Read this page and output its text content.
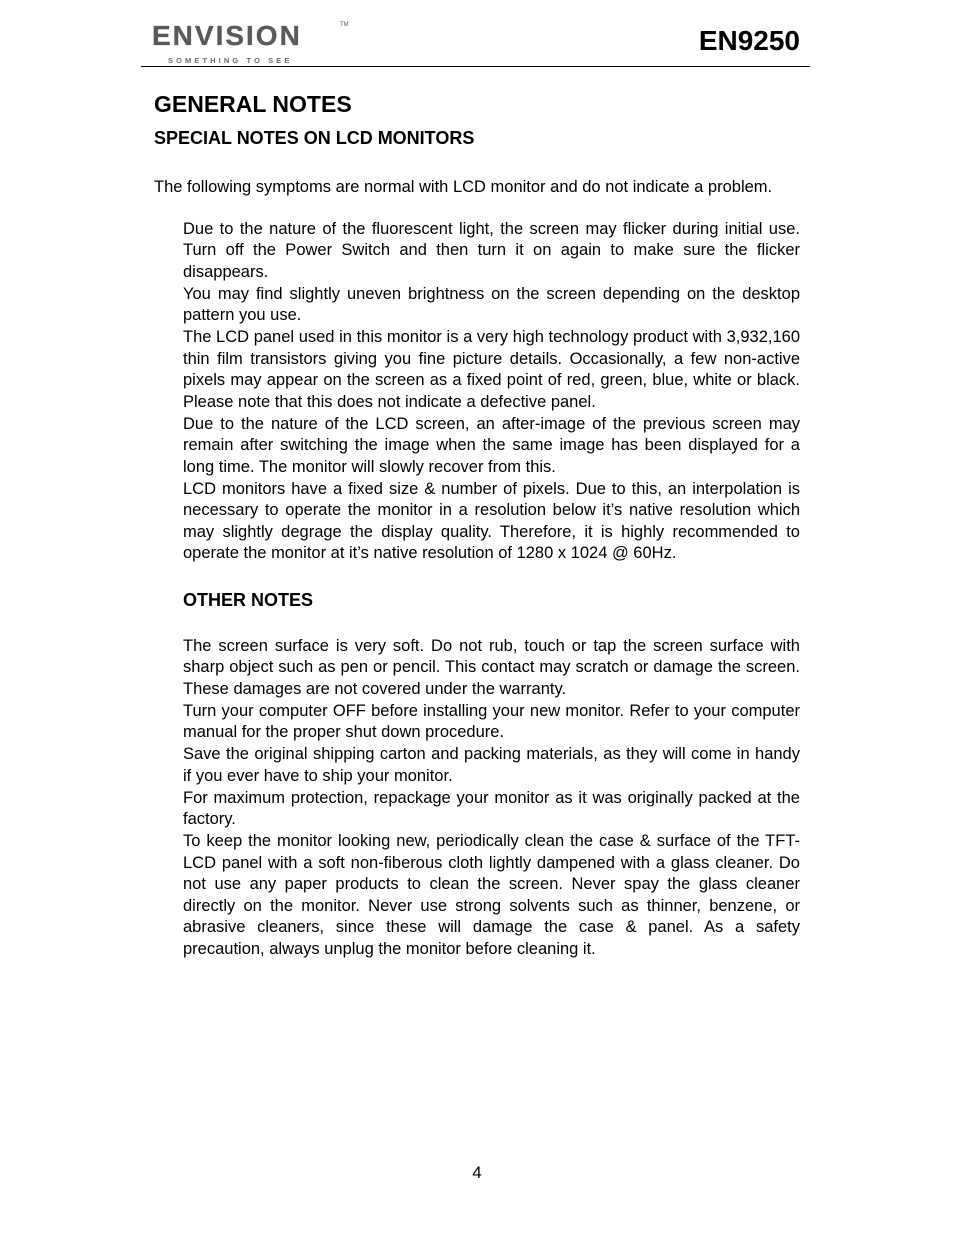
ENVISION	TM
SOMETHING TO SEE
EN9250
GENERAL NOTES
SPECIAL NOTES ON LCD MONITORS

The following symptoms are normal with LCD monitor and do not indicate a problem.

Due to the nature of the fluorescent light, the screen may flicker during initial use. Turn off the Power Switch and then turn it on again to make sure the flicker disappears.
You may find slightly uneven brightness on the screen depending on the desktop pattern you use.
The LCD panel used in this monitor is a very high technology product with 3,932,160 thin film transistors giving you fine picture details. Occasionally, a few non-active pixels may appear on the screen as a fixed point of red, green, blue, white or black. Please note that this does not indicate a defective panel.
Due to the nature of the LCD screen, an after-image of the previous screen may remain after switching the image when the same image has been displayed for a long time. The monitor will slowly recover from this.
LCD monitors have a fixed size & number of pixels. Due to this, an interpolation is necessary to operate the monitor in a resolution below it’s native resolution which may slightly degrage the display quality. Therefore, it is highly recommended to operate the monitor at it’s native resolution of 1280 x 1024 @ 60Hz.
OTHER NOTES
The screen surface is very soft. Do not rub, touch or tap the screen surface with sharp object such as pen or pencil. This contact may scratch or damage the screen. These damages are not covered under the warranty.
Turn your computer OFF before installing your new monitor. Refer to your computer manual for the proper shut down procedure.
Save the original shipping carton and packing materials, as they will come in handy if you ever have to ship your monitor.
For maximum protection, repackage your monitor as it was originally packed at the factory.
To keep the monitor looking new, periodically clean the case & surface of the TFT-LCD panel with a soft non-fiberous cloth lightly dampened with a glass cleaner. Do not use any paper products to clean the screen. Never spay the glass cleaner directly on the monitor. Never use strong solvents such as thinner, benzene, or abrasive cleaners, since these will damage the case & panel. As a safety precaution, always unplug the monitor before cleaning it.
4
